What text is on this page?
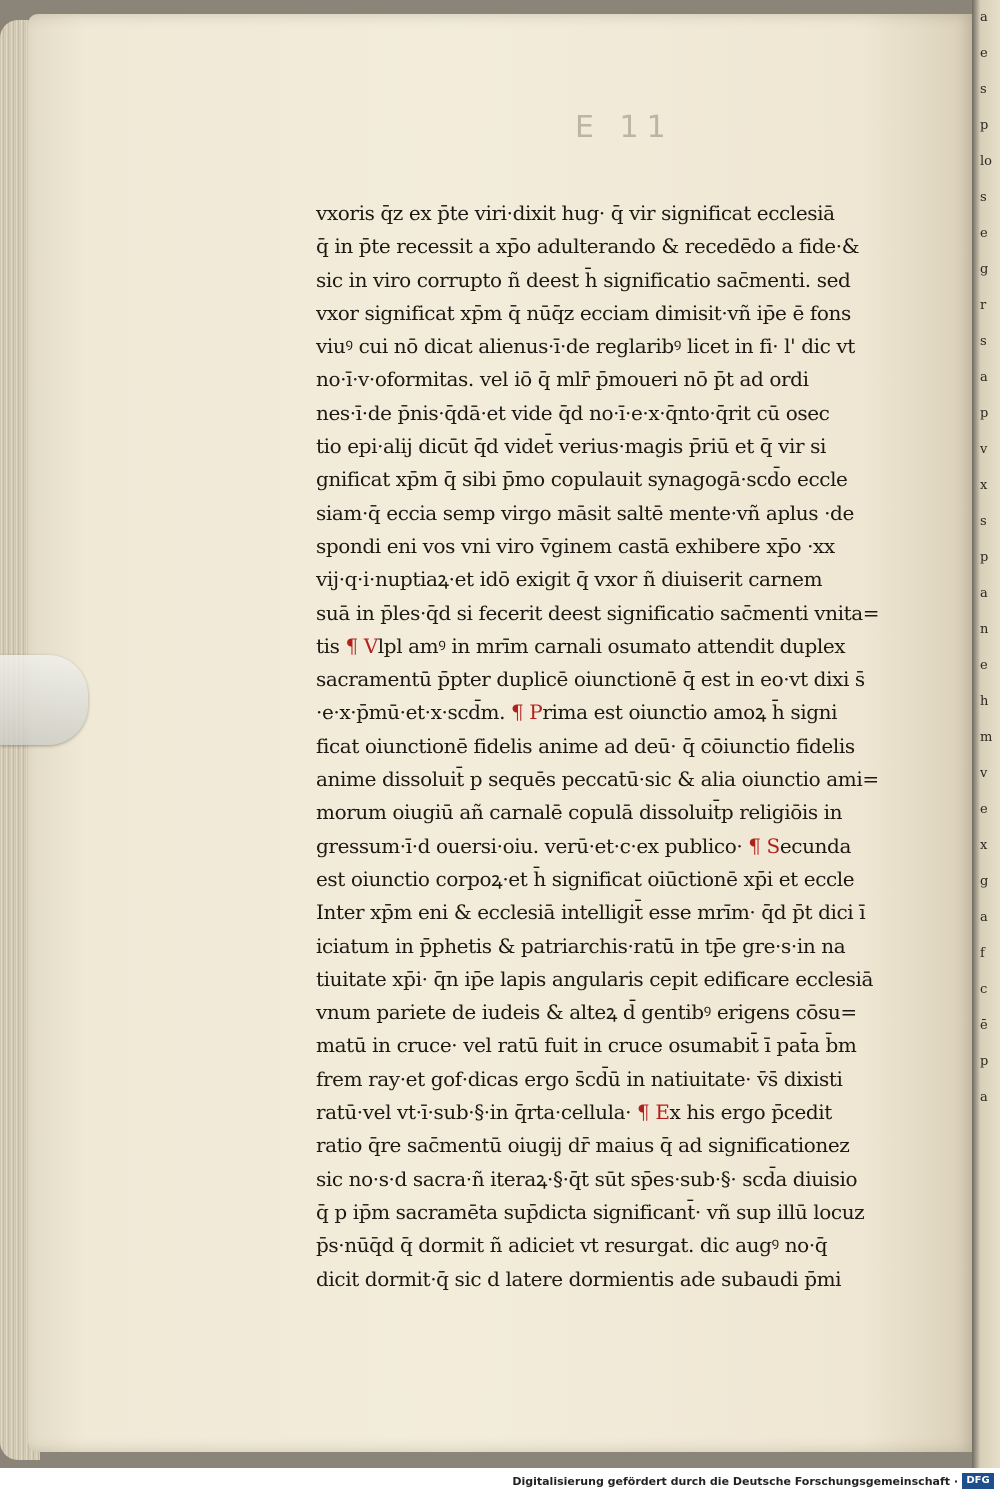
a
e
s
p
lo
s
e
g
r
s
a
p
v
x
s
p
a
n
e
h
m
v
e
x
g
a
f
c
ē
p
a
E 11
vxoris q̄z ex p̄te viri·dixit hug· q̄ vir significat ecclesiā
q̄ in p̄te recessit a xp̄o adulterando & recedēdo a fide·&
sic in viro corrupto ñ deest h̄ significatio sac̄menti. sed
vxor significat xp̄m q̄ nūq̄z ecciam dimisit·vñ ip̄e ē fons
viuꝰ cui nō dicat alienus·ī·de reglaribꝰ licet in fi· l' dic vt
no·ī·v·oformitas. vel iō q̄ mlr̄ p̄moueri nō p̄t ad ordi
nes·ī·de p̄nis·q̄dā·et vide q̄d no·ī·e·x·q̄nto·q̄rit cū osec
tio epi·alij dicūt q̄d videt̄ verius·magis p̄riū et q̄ vir si
gnificat xp̄m q̄ sibi p̄mo copulauit synagogā·scd̄o eccle
siam·q̄ eccia semp virgo māsit saltē mente·vñ aplus ·de
spondi eni vos vni viro v̄ginem castā exhibere xp̄o ·xx
vij·q·i·nuptiaꝝ·et idō exigit q̄ vxor ñ diuiserit carnem
suā in p̄les·q̄d si fecerit deest significatio sac̄menti vnita=
tis ¶ Vlpl amꝰ in mrīm carnali osumato attendit duplex
sacramentū p̄pter duplicē oiunctionē q̄ est in eo·vt dixi s̄
·e·x·p̄mū·et·x·scd̄m. ¶ Prima est oiunctio amoꝝ h̄ signi
ficat oiunctionē fidelis anime ad deū· q̄ cōiunctio fidelis
anime dissoluit̄ p sequēs peccatū·sic & alia oiunctio ami=
morum oiugiū añ carnalē copulā dissoluit̄p religiōis in
gressum·ī·d ouersi·oiu. verū·et·c·ex publico· ¶ Secunda
est oiunctio corpoꝝ·et h̄ significat oiūctionē xp̄i et eccle
Inter xp̄m eni & ecclesiā intelligit̄ esse mrīm· q̄d p̄t dici ī
iciatum in p̄phetis & patriarchis·ratū in tp̄e gre·s·in na
tiuitate xp̄i· q̄n ip̄e lapis angularis cepit edificare ecclesiā
vnum pariete de iudeis & alteꝝ d̄ gentibꝰ erigens cōsu=
matū in cruce· vel ratū fuit in cruce osumabit̄ ī pat̄a b̄m
frem ray·et gof·dicas ergo s̄cd̄ū in natiuitate· v̄s̄ dixisti
ratū·vel vt·ī·sub·§·in q̄rta·cellula· ¶ Ex his ergo p̄cedit
ratio q̄re sac̄mentū oiugij dr̄ maius q̄ ad significationez
sic no·s·d sacra·ñ iteraꝝ·§·q̄t sūt sp̄es·sub·§· scd̄a diuisio
q̄ p ip̄m sacramēta sup̄dicta significant̄· vñ sup illū locuz
p̄s·nūq̄d q̄ dormit ñ adiciet vt resurgat. dic augꝰ no·q̄
dicit dormit·q̄ sic d latere dormientis ade subaudi p̄mi
Digitalisierung gefördert durch die Deutsche Forschungsgemeinschaft · DFG
